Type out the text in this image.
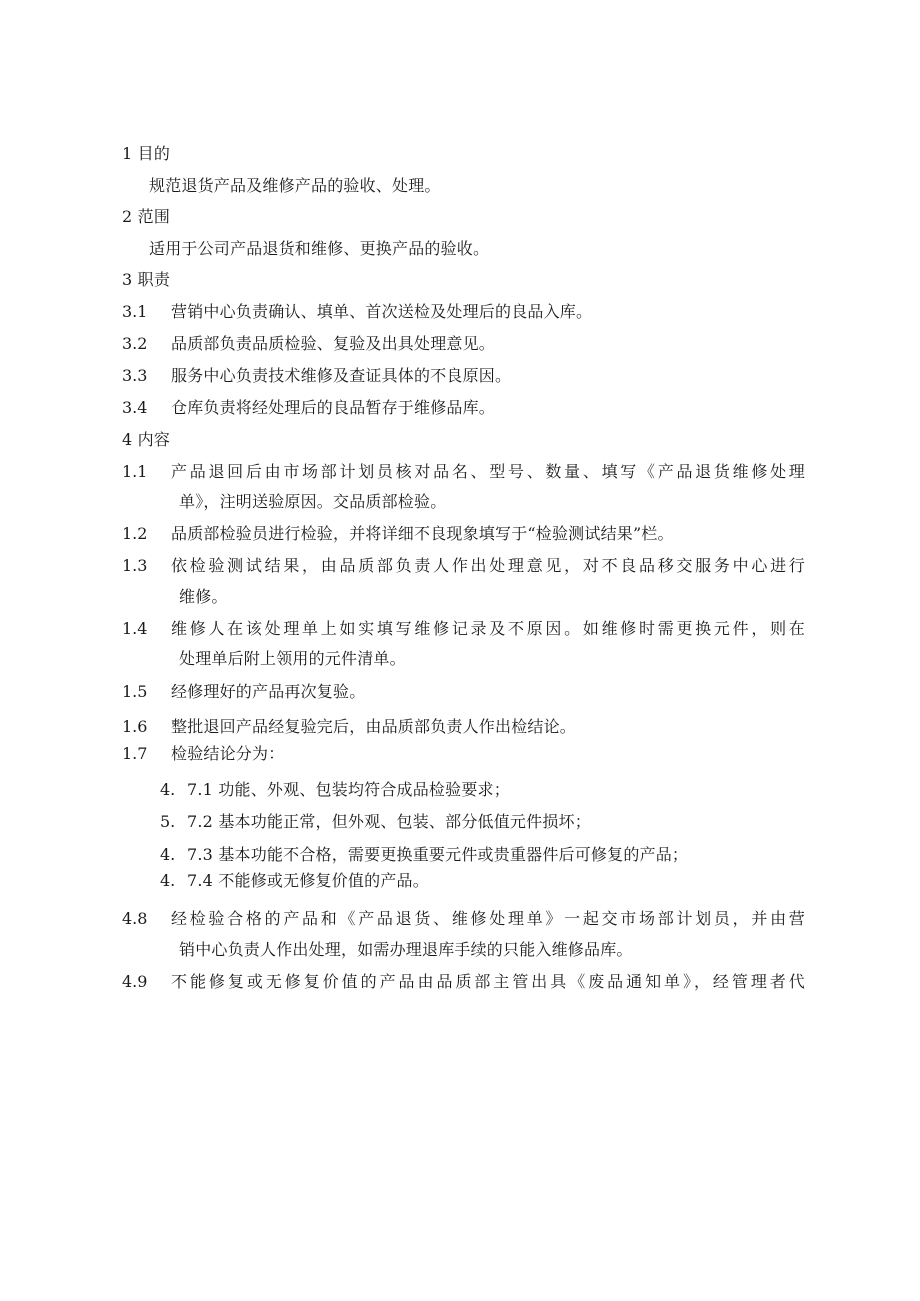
1 目的
规范退货产品及维修产品的验收、处理。
2 范围
适用于公司产品退货和维修、更换产品的验收。
3 职责
3.1 营销中心负责确认、填单、首次送检及处理后的良品入库。
3.2 品质部负责品质检验、复验及出具处理意见。
3.3 服务中心负责技术维修及查证具体的不良原因。
3.4 仓库负责将经处理后的良品暂存于维修品库。
4 内容
1.1 产品退回后由市场部计划员核对品名、型号、数量、填写《产品退货维修处理
单》，注明送验原因。交品质部检验。
1.2 品质部检验员进行检验，并将详细不良现象填写于“检验测试结果”栏。
1.3 依检验测试结果，由品质部负责人作出处理意见，对不良品移交服务中心进行
维修。
1.4 维修人在该处理单上如实填写维修记录及不原因。如维修时需更换元件，则在
处理单后附上领用的元件清单。
1.5 经修理好的产品再次复验。
1.6 整批退回产品经复验完后，由品质部负责人作出检结论。
1.7 检验结论分为：
4. 7.1 功能、外观、包装均符合成品检验要求；
5. 7.2 基本功能正常，但外观、包装、部分低值元件损坏；
4. 7.3 基本功能不合格，需要更换重要元件或贵重器件后可修复的产品；
4. 7.4 不能修或无修复价值的产品。
4.8 经检验合格的产品和《产品退货、维修处理单》一起交市场部计划员，并由营
销中心负责人作出处理，如需办理退库手续的只能入维修品库。
4.9 不能修复或无修复价值的产品由品质部主管出具《废品通知单》，经管理者代
